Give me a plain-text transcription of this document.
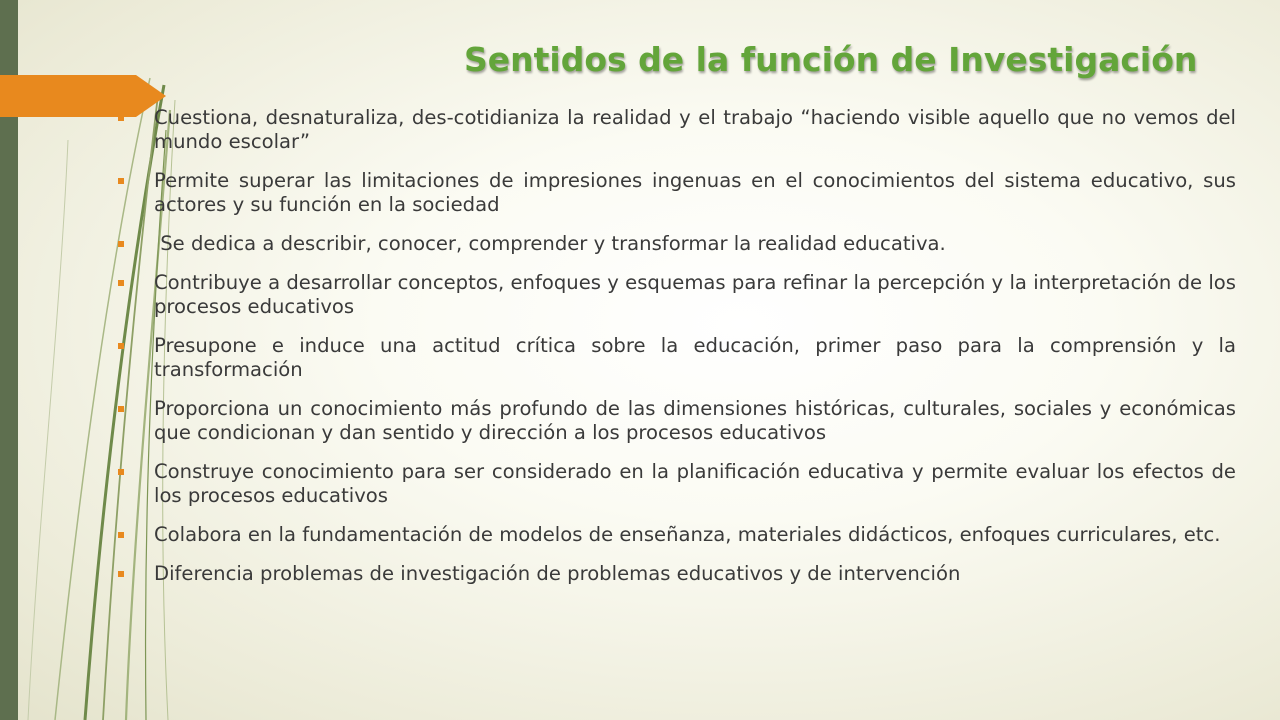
Sentidos de la función de Investigación
Cuestiona, desnaturaliza, des-cotidianiza la realidad y el trabajo “haciendo visible aquello que no vemos del mundo escolar”
Permite superar las limitaciones de impresiones ingenuas en el conocimientos del sistema educativo, sus actores y su función en la sociedad
Se dedica a describir, conocer, comprender y transformar la realidad educativa.
Contribuye a desarrollar conceptos, enfoques y esquemas para refinar la percepción y la interpretación de los procesos educativos
Presupone e induce una actitud crítica sobre la educación, primer paso para la comprensión y la transformación
Proporciona un conocimiento más profundo de las dimensiones históricas, culturales, sociales y económicas que condicionan y dan sentido y dirección a los procesos educativos
Construye conocimiento para ser considerado en la planificación educativa y permite evaluar los efectos de los procesos educativos
Colabora en la fundamentación de modelos de enseñanza, materiales didácticos, enfoques curriculares, etc.
Diferencia problemas de investigación de problemas educativos y de intervención
